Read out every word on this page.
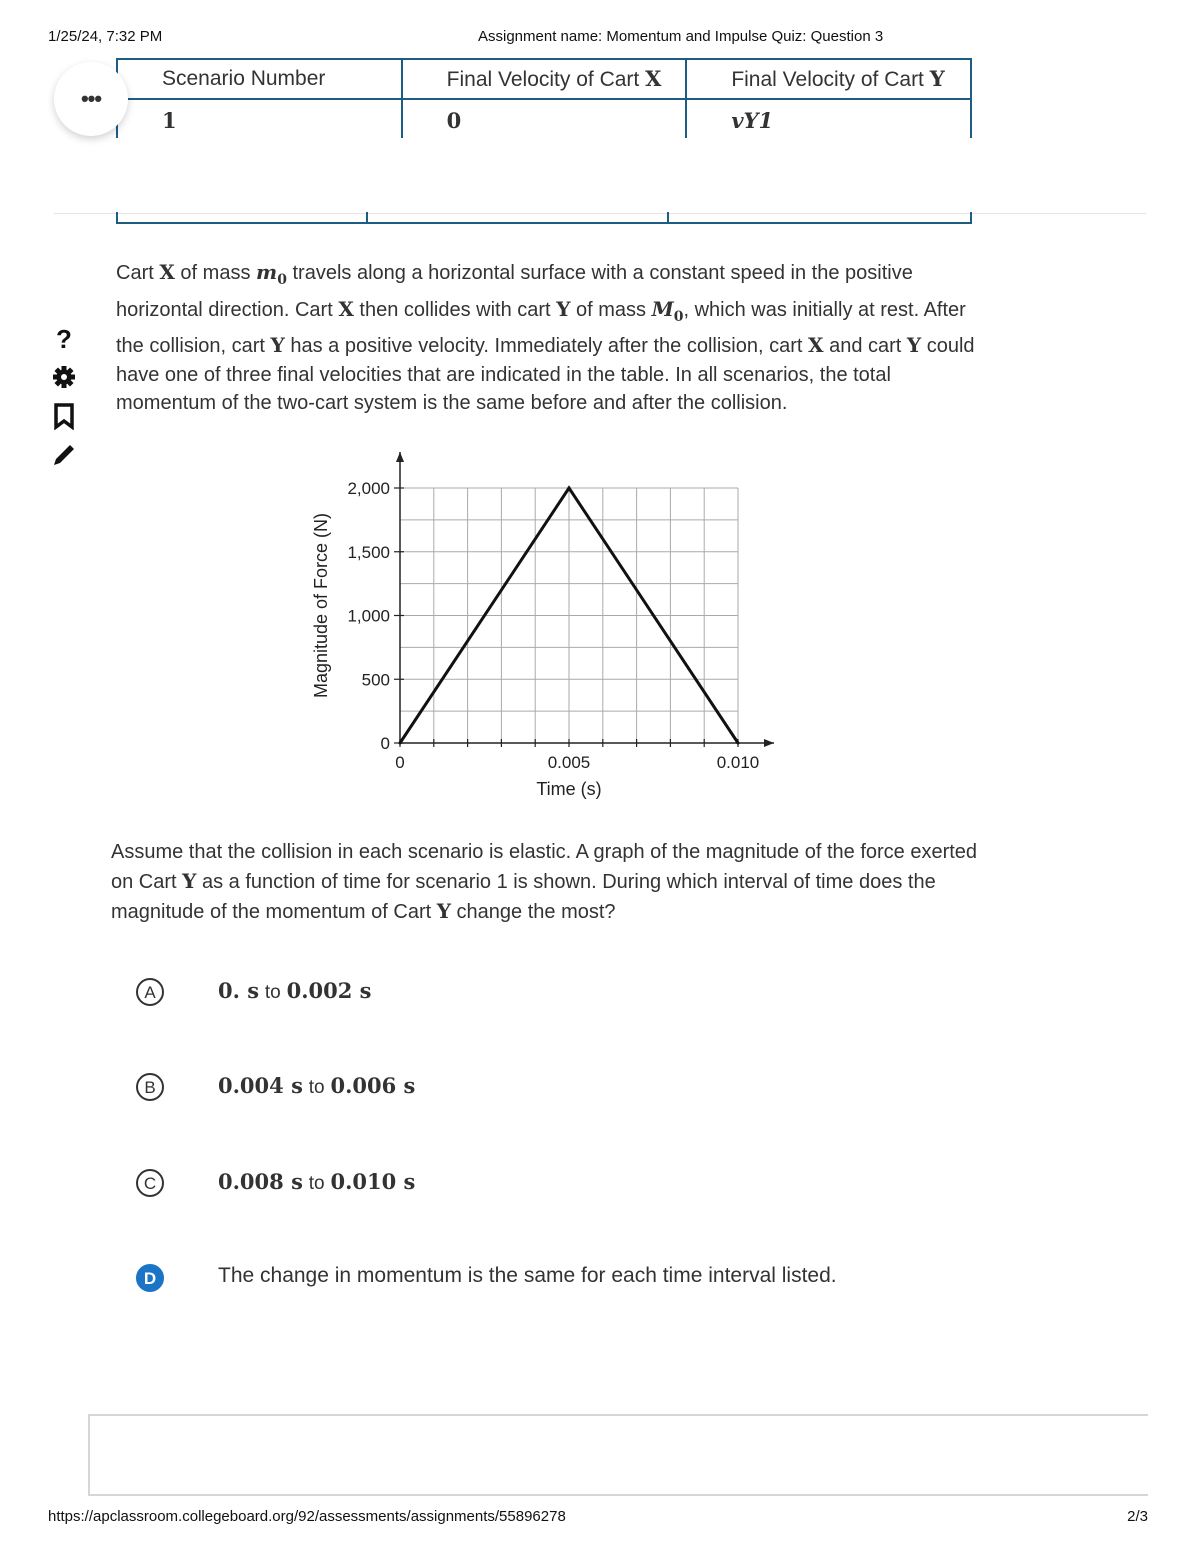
1/25/24, 7:32 PM	Assignment name: Momentum and Impulse Quiz: Question 3
Scenario Number	Final Velocity of Cart X	Final Velocity of Cart Y
1	0	vY1
•••
?
Cart X of mass $m_0$ travels along a horizontal surface with a constant speed in the positive horizontal direction. Cart X then collides with cart Y of mass $M_0$, which was initially at rest. After the collision, cart Y has a positive velocity. Immediately after the collision, cart X and cart Y could have one of three final velocities that are indicated in the table. In all scenarios, the total momentum of the two-cart system is the same before and after the collision.
0
500
1,000
1,500
2,000
0	0.005	0.010
Time (s)
Magnitude of Force (N)
Assume that the collision in each scenario is elastic. A graph of the magnitude of the force exerted on Cart Y as a function of time for scenario 1 is shown. During which interval of time does the magnitude of the momentum of Cart Y change the most?
A	0. s to 0.002 s
B	0.004 s to 0.006 s
C	0.008 s to 0.010 s
D	The change in momentum is the same for each time interval listed.
https://apclassroom.collegeboard.org/92/assessments/assignments/55896278	2/3
